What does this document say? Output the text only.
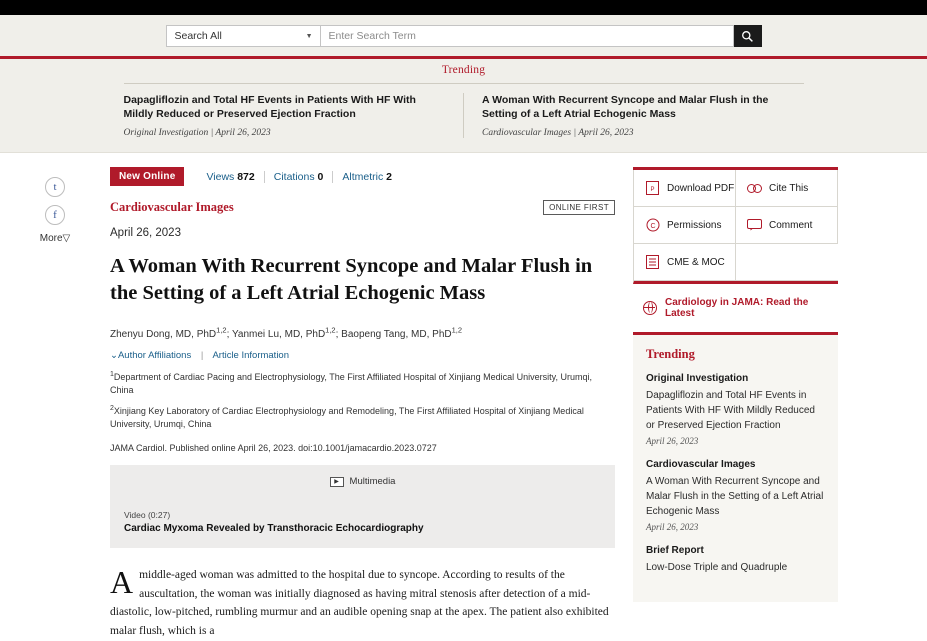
Search All	▼
Enter Search Term
Trending
Dapagliflozin and Total HF Events in Patients With HF With Mildly Reduced or Preserved Ejection Fraction
Original Investigation | April 26, 2023
A Woman With Recurrent Syncope and Malar Flush in the Setting of a Left Atrial Echogenic Mass
Cardiovascular Images | April 26, 2023
t
f
More▽
New Online	Views 872	Citations 0	Altmetric 2
Cardiovascular Images	ONLINE FIRST
April 26, 2023
A Woman With Recurrent Syncope and Malar Flush in the Setting of a Left Atrial Echogenic Mass
Zhenyu Dong, MD, PhD$^{1,2}$; Yanmei Lu, MD, PhD$^{1,2}$; Baopeng Tang, MD, PhD$^{1,2}$
⌄Author Affiliations | Article Information
$^1$Department of Cardiac Pacing and Electrophysiology, The First Affiliated Hospital of Xinjiang Medical University, Urumqi, China
$^2$Xinjiang Key Laboratory of Cardiac Electrophysiology and Remodeling, The First Affiliated Hospital of Xinjiang Medical University, Urumqi, China
JAMA Cardiol. Published online April 26, 2023. doi:10.1001/jamacardio.2023.0727
▶	Multimedia
Video (0:27)
Cardiac Myxoma Revealed by Transthoracic Echocardiography
A middle-aged woman was admitted to the hospital due to syncope. According to results of the auscultation, the woman was initially diagnosed as having mitral stenosis after detection of a mid-diastolic, low-pitched, rumbling murmur and an audible opening snap at the apex. The patient also exhibited malar flush, which is a
P Download PDF	Cite This
C Permissions	Comment
CME & MOC
Cardiology in JAMA: Read the Latest
Trending
Original Investigation
Dapagliflozin and Total HF Events in Patients With HF With Mildly Reduced or Preserved Ejection Fraction
April 26, 2023
Cardiovascular Images
A Woman With Recurrent Syncope and Malar Flush in the Setting of a Left Atrial Echogenic Mass
April 26, 2023
Brief Report
Low-Dose Triple and Quadruple
